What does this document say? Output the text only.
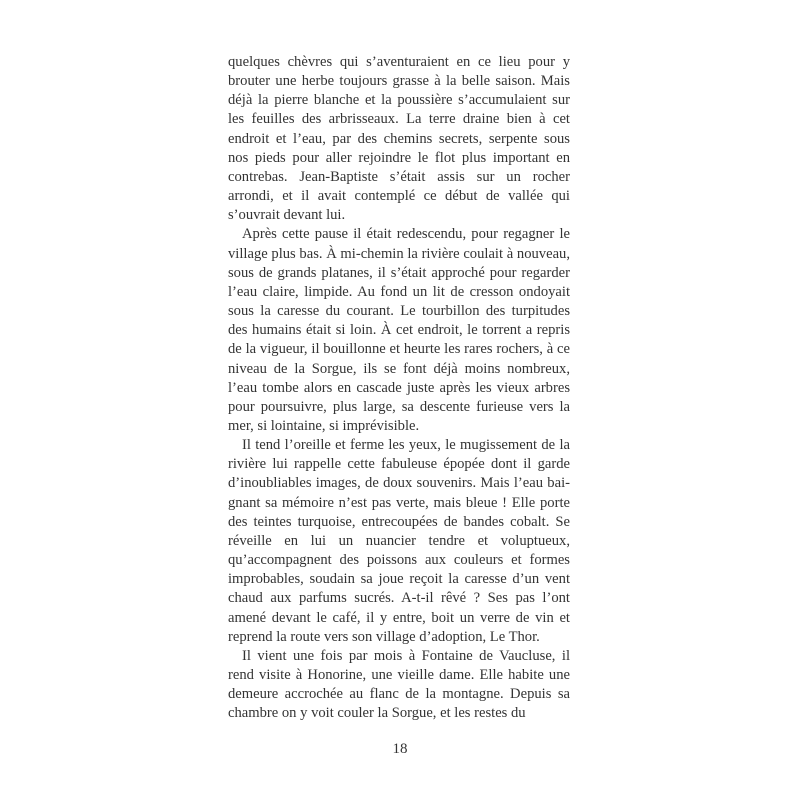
quelques chèvres qui s’aventuraient en ce lieu pour y brouter une herbe toujours grasse à la belle saison. Mais déjà la pierre blanche et la poussière s’accumulaient sur les feuilles des arbrisseaux. La terre draine bien à cet endroit et l’eau, par des chemins secrets, serpente sous nos pieds pour aller rejoindre le flot plus important en contrebas. Jean-Baptiste s’était assis sur un rocher arrondi, et il avait contemplé ce début de vallée qui s’ouvrait devant lui.

Après cette pause il était redescendu, pour regagner le village plus bas. À mi-chemin la rivière coulait à nouveau, sous de grands platanes, il s’était approché pour regarder l’eau claire, limpide. Au fond un lit de cresson ondoyait sous la caresse du courant. Le tourbillon des turpitudes des humains était si loin. À cet endroit, le torrent a repris de la vigueur, il bouillonne et heurte les rares rochers, à ce niveau de la Sorgue, ils se font déjà moins nombreux, l’eau tombe alors en cascade juste après les vieux arbres pour poursuivre, plus large, sa descente furieuse vers la mer, si lointaine, si imprévisible.

Il tend l’oreille et ferme les yeux, le mugissement de la rivière lui rappelle cette fabuleuse épopée dont il garde d’inoubliables images, de doux souvenirs. Mais l’eau baignant sa mémoire n’est pas verte, mais bleue ! Elle porte des teintes turquoise, entrecoupées de bandes cobalt. Se réveille en lui un nuancier tendre et voluptueux, qu’accompagnent des poissons aux couleurs et formes improbables, soudain sa joue reçoit la caresse d’un vent chaud aux parfums sucrés. A-t-il rêvé ? Ses pas l’ont amené devant le café, il y entre, boit un verre de vin et reprend la route vers son village d’adoption, Le Thor.

Il vient une fois par mois à Fontaine de Vaucluse, il rend visite à Honorine, une vieille dame. Elle habite une demeure accrochée au flanc de la montagne. Depuis sa chambre on y voit couler la Sorgue, et les restes du

18
